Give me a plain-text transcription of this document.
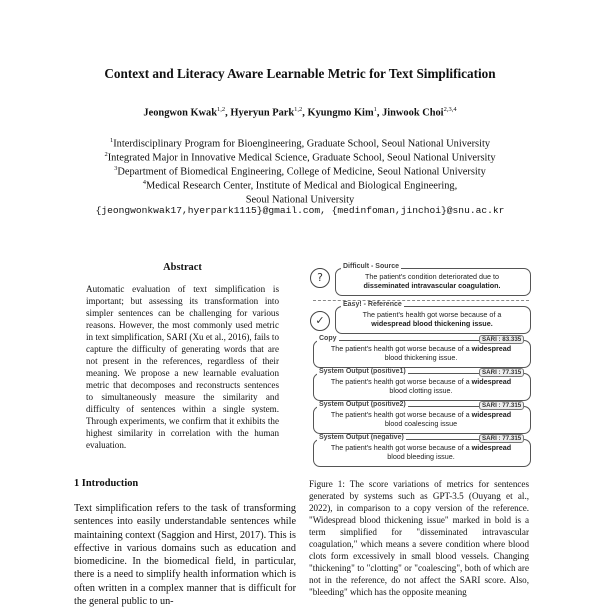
Context and Literacy Aware Learnable Metric for Text Simplification
Jeongwon Kwak$^{1,2}$, Hyeryun Park$^{1,2}$, Kyungmo Kim$^1$, Jinwook Choi$^{2,3,4}$
$^1$Interdisciplinary Program for Bioengineering, Graduate School, Seoul National University
$^2$Integrated Major in Innovative Medical Science, Graduate School, Seoul National University
$^3$Department of Biomedical Engineering, College of Medicine, Seoul National University
$^4$Medical Research Center, Institute of Medical and Biological Engineering,
Seoul National University
{jeongwonkwak17,hyerpark1115}@gmail.com, {medinfoman,jinchoi}@snu.ac.kr
Abstract

Automatic evaluation of text simplification is important; but assessing its transformation into simpler sentences can be challenging for various reasons. However, the most commonly used metric in text simplification, SARI (Xu et al., 2016), fails to capture the difficulty of generating words that are not present in the references, regardless of their meaning. We propose a new learnable evaluation metric that decomposes and reconstructs sentences to simultaneously measure the similarity and difficulty of sentences within a single system. Through experiments, we confirm that it exhibits the highest similarity in correlation with the human evaluation.

1 Introduction

Text simplification refers to the task of transforming sentences into easily understandable sentences while maintaining context (Saggion and Hirst, 2017). This is effective in various domains such as education and biomedicine. In the biomedical field, in particular, there is a need to simplify health information which is often written in a complex manner that is difficult for the general public to un-

?
Difficult - Source
The patient's condition deteriorated due to
disseminated intravascular coagulation.
✓
Easy! - Reference
The patient's health got worse because of a
widespread blood thickening issue.
Copy	SARI : 83.335
The patient's health got worse because of a widespread
blood thickening issue.
System Output (positive1)	SARI : 77.315
The patient's health got worse because of a widespread
blood clotting issue.
System Output (positive2)	SARI : 77.315
The patient's health got worse because of a widespread
blood coalescing issue
System Output (negative)	SARI : 77.315
The patient's health got worse because of a widespread
blood bleeding issue.

Figure 1: The score variations of metrics for sentences generated by systems such as GPT-3.5 (Ouyang et al., 2022), in comparison to a copy version of the reference. "Widespread blood thickening issue" marked in bold is a term simplified for "disseminated intravascular coagulation," which means a severe condition where blood clots form excessively in small blood vessels. Changing "thickening" to "clotting" or "coalescing", both of which are not in the reference, do not affect the SARI score. Also, "bleeding" which has the opposite meaning
